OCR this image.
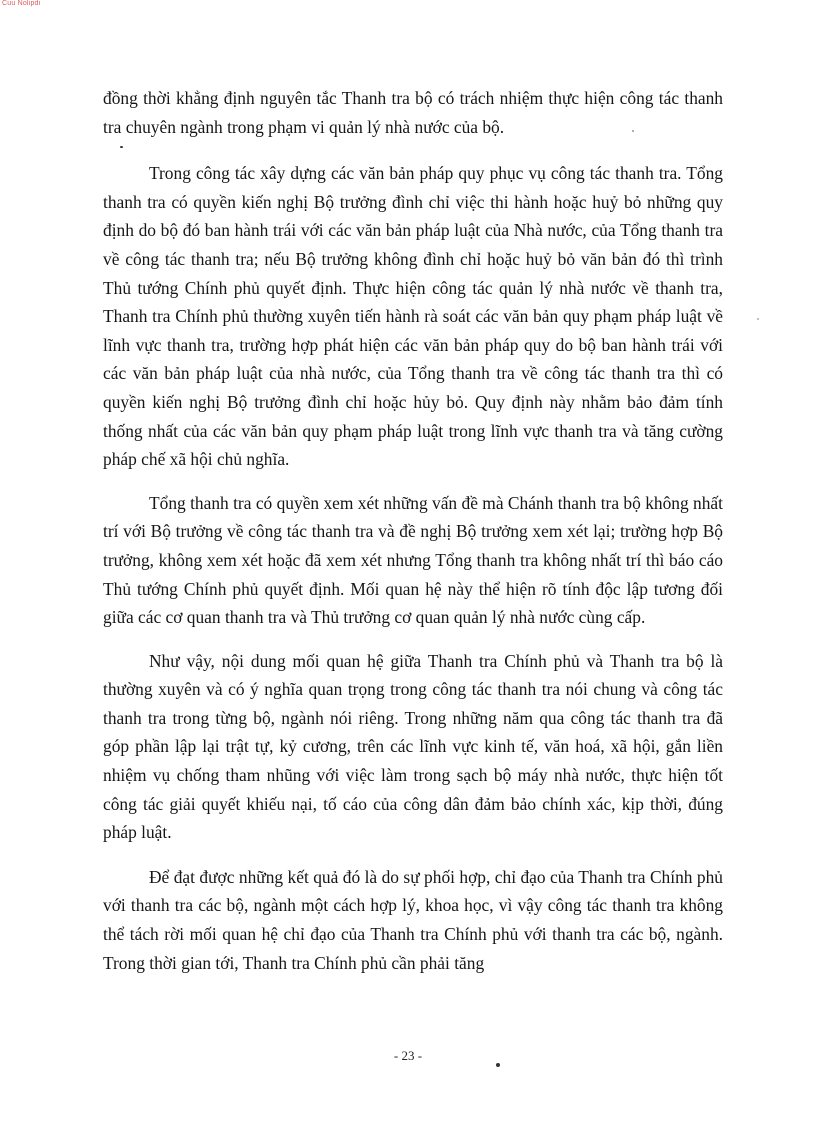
Cuu Nolipdi

đồng thời khẳng định nguyên tắc Thanh tra bộ có trách nhiệm thực hiện công tác thanh tra chuyên ngành trong phạm vi quản lý nhà nước của bộ.

Trong công tác xây dựng các văn bản pháp quy phục vụ công tác thanh tra. Tổng thanh tra có quyền kiến nghị Bộ trưởng đình chỉ việc thi hành hoặc huỷ bỏ những quy định do bộ đó ban hành trái với các văn bản pháp luật của Nhà nước, của Tổng thanh tra về công tác thanh tra; nếu Bộ trưởng không đình chỉ hoặc huỷ bỏ văn bản đó thì trình Thủ tướng Chính phủ quyết định. Thực hiện công tác quản lý nhà nước về thanh tra, Thanh tra Chính phủ thường xuyên tiến hành rà soát các văn bản quy phạm pháp luật về lĩnh vực thanh tra, trường hợp phát hiện các văn bản pháp quy do bộ ban hành trái với các văn bản pháp luật của nhà nước, của Tổng thanh tra về công tác thanh tra thì có quyền kiến nghị Bộ trưởng đình chỉ hoặc hủy bỏ. Quy định này nhằm bảo đảm tính thống nhất của các văn bản quy phạm pháp luật trong lĩnh vực thanh tra và tăng cường pháp chế xã hội chủ nghĩa.

Tổng thanh tra có quyền xem xét những vấn đề mà Chánh thanh tra bộ không nhất trí với Bộ trưởng về công tác thanh tra và đề nghị Bộ trưởng xem xét lại; trường hợp Bộ trưởng, không xem xét hoặc đã xem xét nhưng Tổng thanh tra không nhất trí thì báo cáo Thủ tướng Chính phủ quyết định. Mối quan hệ này thể hiện rõ tính độc lập tương đối giữa các cơ quan thanh tra và Thủ trưởng cơ quan quản lý nhà nước cùng cấp.

Như vậy, nội dung mối quan hệ giữa Thanh tra Chính phủ và Thanh tra bộ là thường xuyên và có ý nghĩa quan trọng trong công tác thanh tra nói chung và công tác thanh tra trong từng bộ, ngành nói riêng. Trong những năm qua công tác thanh tra đã góp phần lập lại trật tự, kỷ cương, trên các lĩnh vực kinh tế, văn hoá, xã hội, gắn liền nhiệm vụ chống tham nhũng với việc làm trong sạch bộ máy nhà nước, thực hiện tốt công tác giải quyết khiếu nại, tố cáo của công dân đảm bảo chính xác, kịp thời, đúng pháp luật.

Để đạt được những kết quả đó là do sự phối hợp, chỉ đạo của Thanh tra Chính phủ với thanh tra các bộ, ngành một cách hợp lý, khoa học, vì vậy công tác thanh tra không thể tách rời mối quan hệ chỉ đạo của Thanh tra Chính phủ với thanh tra các bộ, ngành. Trong thời gian tới, Thanh tra Chính phủ cần phải tăng

- 23 -
